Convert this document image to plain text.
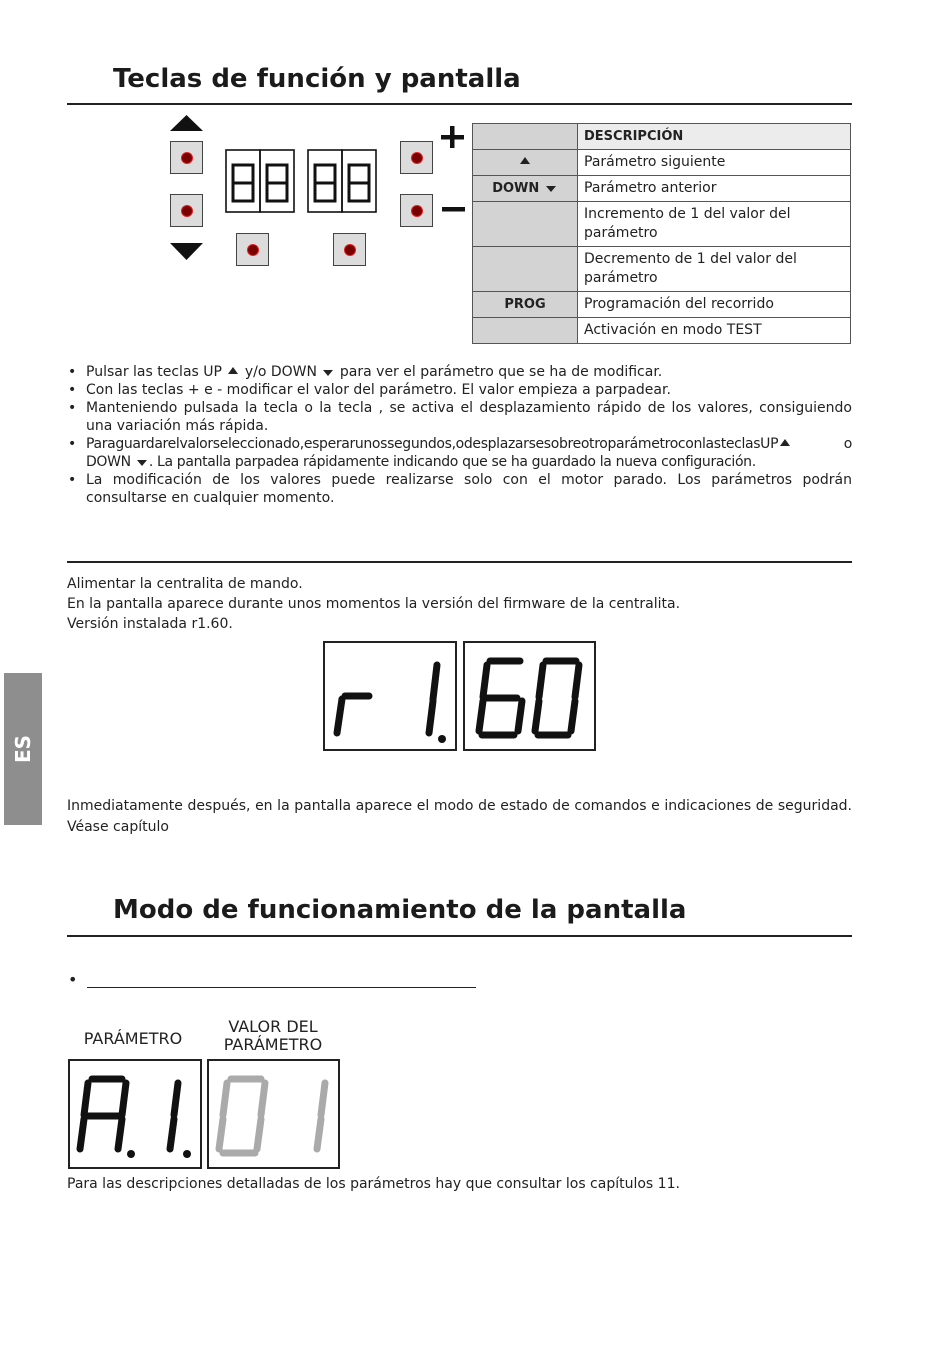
Teclas de función y pantalla
	DESCRIPCIÓN
	Parámetro siguiente
DOWN	Parámetro anterior
	Incremento de 1 del valor del parámetro
	Decremento de 1 del valor del parámetro
PROG	Programación del recorrido
	Activación en modo TEST
• Pulsar las teclas UP  y/o DOWN  para ver el parámetro que se ha de modificar.
• Con las teclas + e - modificar el valor del parámetro. El valor empieza a parpadear.
• Manteniendo pulsada la tecla o la tecla , se activa el desplazamiento rápido de los valores, consiguiendo una variación más rápida.
• Paraguardarelvalorseleccionado,esperarunossegundos,odesplazarsesobreotroparámetroconlasteclasUP o DOWN . La pantalla parpadea rápidamente indicando que se ha guardado la nueva configuración.
• La modificación de los valores puede realizarse solo con el motor parado. Los parámetros podrán consultarse en cualquier momento.
Alimentar la centralita de mando.
En la pantalla aparece durante unos momentos la versión del firmware de la centralita.
Versión instalada r1.60.
Inmediatamente después, en la pantalla aparece el modo de estado de comandos e indicaciones de seguridad. Véase capítulo
Modo de funcionamiento de la pantalla
•
PARÁMETRO
VALOR DEL PARÁMETRO
Para las descripciones detalladas de los parámetros hay que consultar los capítulos 11.
ES
